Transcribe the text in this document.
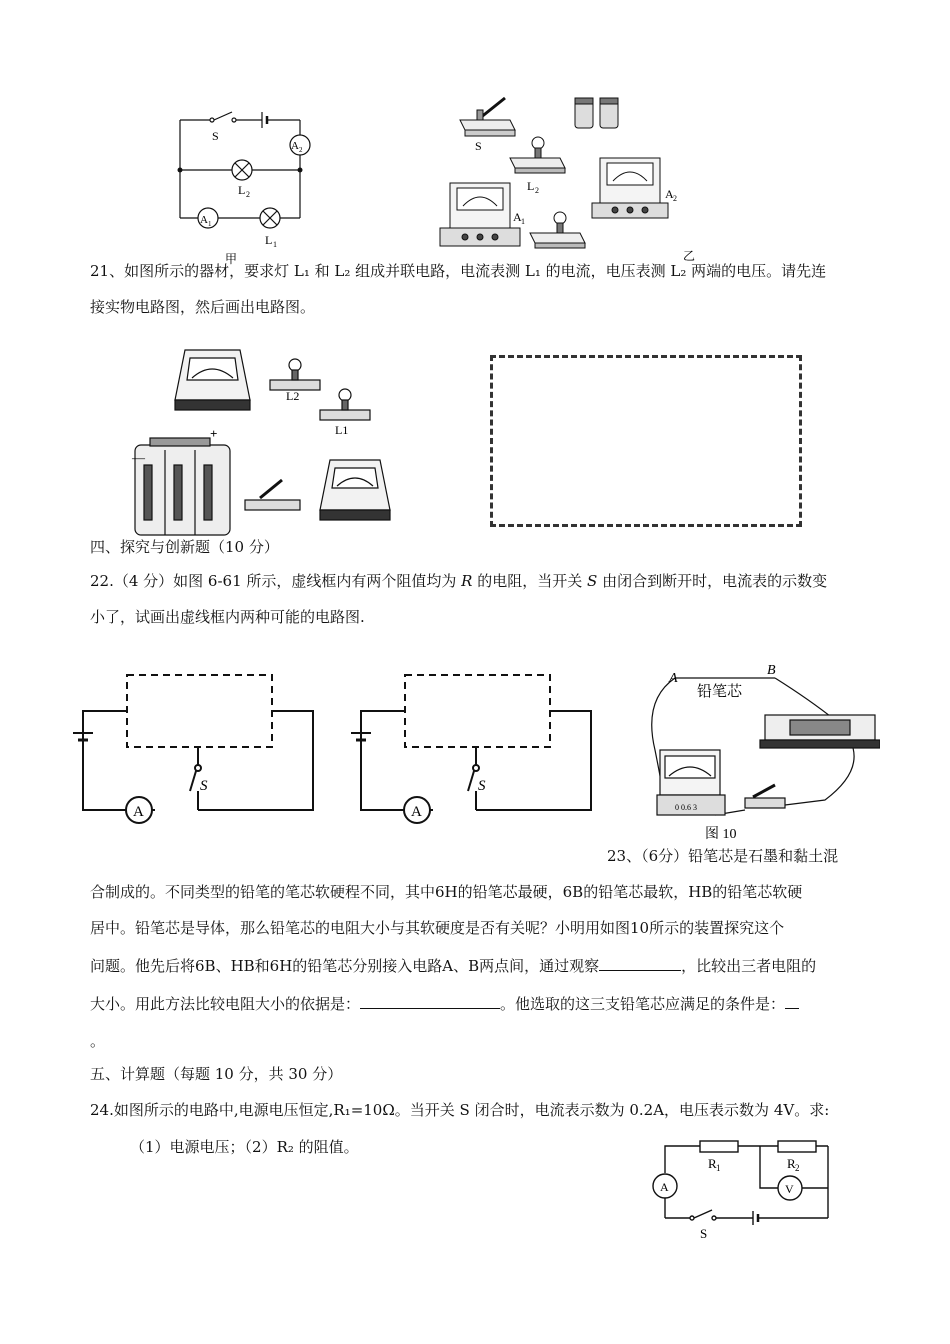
S
A 2
L 2
A 1
L 1
甲
S
L 2
A 1
A 2
乙
21、如图所示的器材，要求灯 L₁ 和 L₂ 组成并联电路，电流表测 L₁ 的电流，电压表测 L₂ 两端的电压。请先连
接实物电路图，然后画出电路图。
L2
L1
+
—
四、探究与创新题（10 分）
22.（4 分）如图 6-61 所示，虚线框内有两个阻值均为 R 的电阻，当开关 S 由闭合到断开时，电流表的示数变
小了，试画出虚线框内两种可能的电路图.
A
S
A
S
A
B
铅笔芯
0 0.6 3
图 10
23、（6分）铅笔芯是石墨和黏土混
合制成的。不同类型的铅笔的笔芯软硬程不同，其中6H的铅笔芯最硬，6B的铅笔芯最软，HB的铅笔芯软硬
居中。铅笔芯是导体，那么铅笔芯的电阻大小与其软硬度是否有关呢？小明用如图10所示的装置探究这个
问题。他先后将6B、HB和6H的铅笔芯分别接入电路A、B两点间，通过观察	，比较出三者电阻的
大小。用此方法比较电阻大小的依据是：	。他选取的这三支铅笔芯应满足的条件是：
。
五、计算题（每题 10 分，共 30 分）
24.如图所示的电路中,电源电压恒定,R₁=10Ω。当开关 S 闭合时，电流表示数为 0.2A，电压表示数为 4V。求:
（1）电源电压；（2）R₂ 的阻值。
A	V
R 1	R 2
S
